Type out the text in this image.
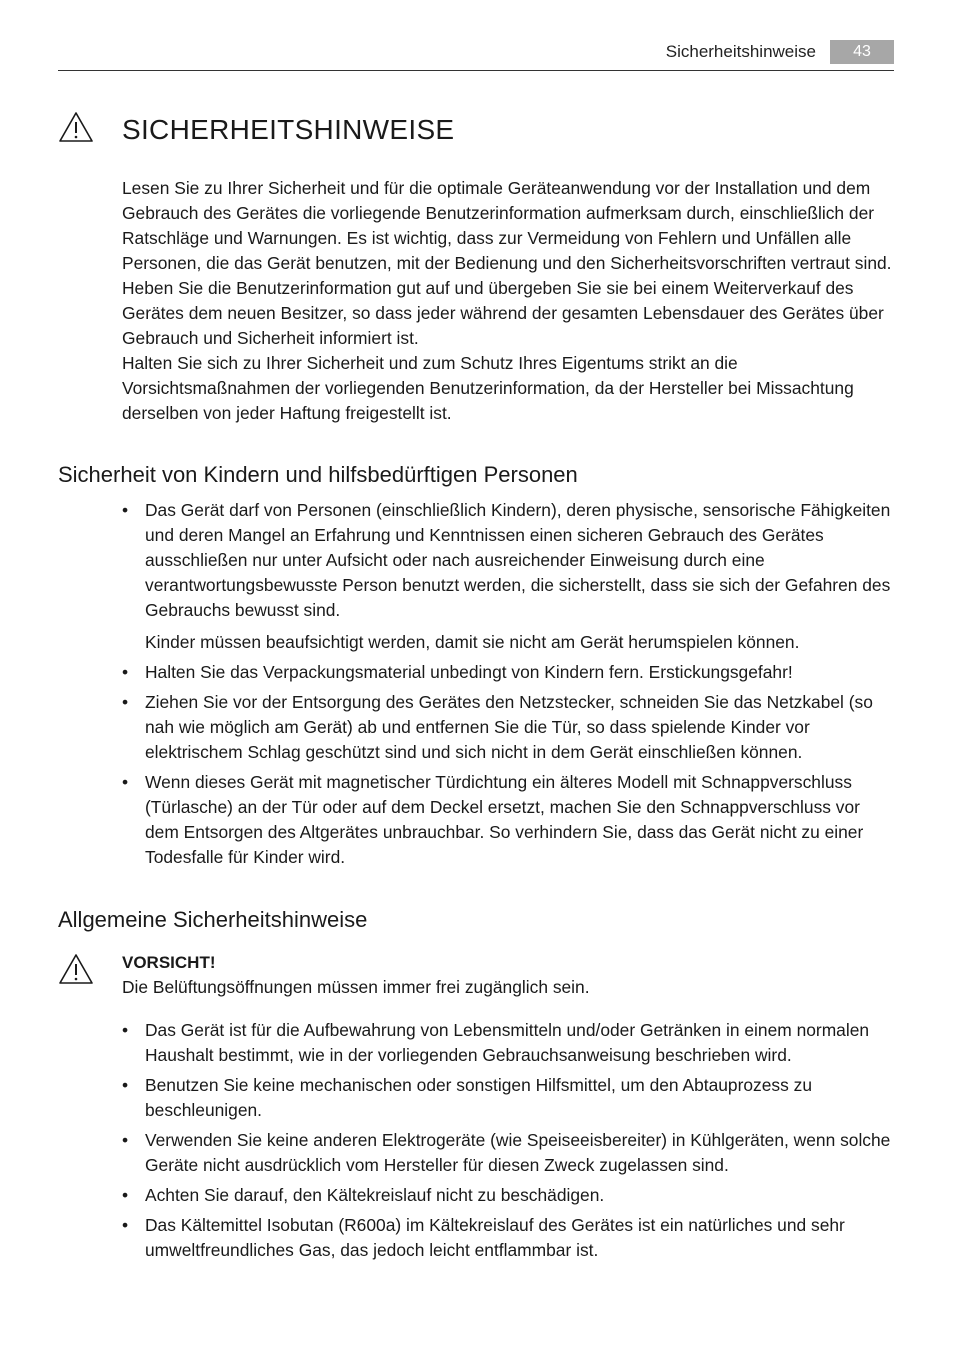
Sicherheitshinweise	43
SICHERHEITSHINWEISE

Lesen Sie zu Ihrer Sicherheit und für die optimale Geräteanwendung vor der Installation und dem Gebrauch des Gerätes die vorliegende Benutzerinformation aufmerksam durch, einschließlich der Ratschläge und Warnungen. Es ist wichtig, dass zur Vermeidung von Fehlern und Unfällen alle Personen, die das Gerät benutzen, mit der Bedienung und den Sicherheitsvorschriften vertraut sind. Heben Sie die Benutzerinformation gut auf und übergeben Sie sie bei einem Weiterverkauf des Gerätes dem neuen Besitzer, so dass jeder während der gesamten Lebensdauer des Gerätes über Gebrauch und Sicherheit informiert ist.

Halten Sie sich zu Ihrer Sicherheit und zum Schutz Ihres Eigentums strikt an die Vorsichtsmaßnahmen der vorliegenden Benutzerinformation, da der Hersteller bei Missachtung derselben von jeder Haftung freigestellt ist.

Sicherheit von Kindern und hilfsbedürftigen Personen
• Das Gerät darf von Personen (einschließlich Kindern), deren physische, sensorische Fähigkeiten und deren Mangel an Erfahrung und Kenntnissen einen sicheren Gebrauch des Gerätes ausschließen nur unter Aufsicht oder nach ausreichender Einweisung durch eine verantwortungsbewusste Person benutzt werden, die sicherstellt, dass sie sich der Gefahren des Gebrauchs bewusst sind.
Kinder müssen beaufsichtigt werden, damit sie nicht am Gerät herumspielen können.
• Halten Sie das Verpackungsmaterial unbedingt von Kindern fern. Erstickungsgefahr!
• Ziehen Sie vor der Entsorgung des Gerätes den Netzstecker, schneiden Sie das Netzkabel (so nah wie möglich am Gerät) ab und entfernen Sie die Tür, so dass spielende Kinder vor elektrischem Schlag geschützt sind und sich nicht in dem Gerät einschließen können.
• Wenn dieses Gerät mit magnetischer Türdichtung ein älteres Modell mit Schnappverschluss (Türlasche) an der Tür oder auf dem Deckel ersetzt, machen Sie den Schnappverschluss vor dem Entsorgen des Altgerätes unbrauchbar. So verhindern Sie, dass das Gerät nicht zu einer Todesfalle für Kinder wird.
Allgemeine Sicherheitshinweise
VORSICHT!
Die Belüftungsöffnungen müssen immer frei zugänglich sein.
• Das Gerät ist für die Aufbewahrung von Lebensmitteln und/oder Getränken in einem normalen Haushalt bestimmt, wie in der vorliegenden Gebrauchsanweisung beschrieben wird.
• Benutzen Sie keine mechanischen oder sonstigen Hilfsmittel, um den Abtauprozess zu beschleunigen.
• Verwenden Sie keine anderen Elektrogeräte (wie Speiseeisbereiter) in Kühlgeräten, wenn solche Geräte nicht ausdrücklich vom Hersteller für diesen Zweck zugelassen sind.
• Achten Sie darauf, den Kältekreislauf nicht zu beschädigen.
• Das Kältemittel Isobutan (R600a) im Kältekreislauf des Gerätes ist ein natürliches und sehr umweltfreundliches Gas, das jedoch leicht entflammbar ist.
